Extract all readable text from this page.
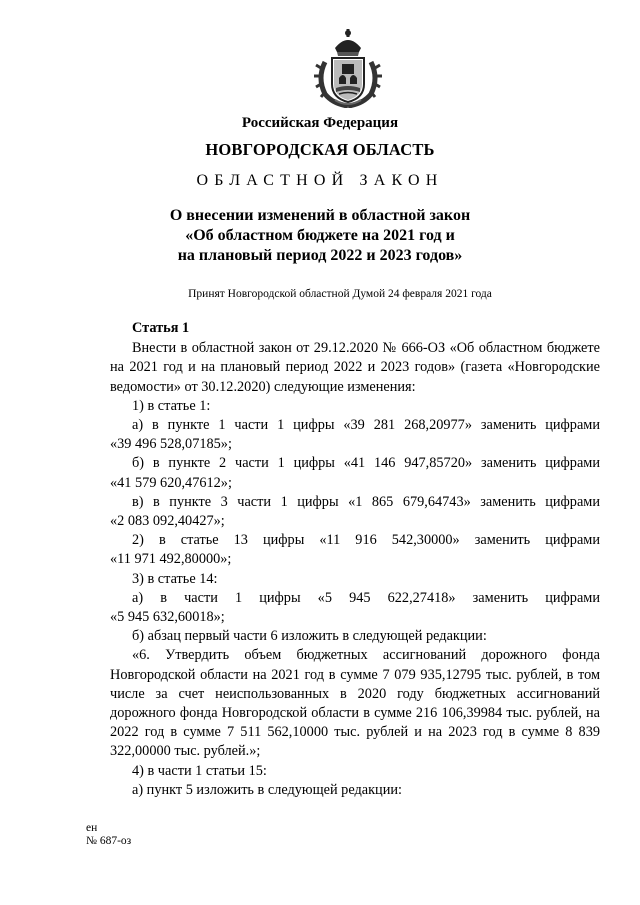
Российская Федерация
НОВГОРОДСКАЯ ОБЛАСТЬ
ОБЛАСТНОЙ ЗАКОН
О внесении изменений в областной закон
«Об областном бюджете на 2021 год и
на плановый период 2022 и 2023 годов»
Принят Новгородской областной Думой 24 февраля 2021 года

Статья 1

Внести в областной закон от 29.12.2020 № 666-ОЗ «Об областном бюджете на 2021 год и на плановый период 2022 и 2023 годов» (газета «Новгородские ведомости» от 30.12.2020) следующие изменения:

1) в статье 1:

а) в пункте 1 части 1 цифры «39 281 268,20977» заменить цифрами

«39 496 528,07185»;

б) в пункте 2 части 1 цифры «41 146 947,85720» заменить цифрами

«41 579 620,47612»;

в) в пункте 3 части 1 цифры «1 865 679,64743» заменить цифрами

«2 083 092,40427»;

2) в статье 13 цифры «11 916 542,30000» заменить цифрами

«11 971 492,80000»;

3) в статье 14:

а) в части 1 цифры «5 945 622,27418» заменить цифрами

«5 945 632,60018»;

б) абзац первый части 6 изложить в следующей редакции:

«6. Утвердить объем бюджетных ассигнований дорожного фонда Новгородской области на 2021 год в сумме 7 079 935,12795 тыс. рублей, в том числе за счет неиспользованных в 2020 году бюджетных ассигнований дорожного фонда Новгородской области в сумме 216 106,39984 тыс. рублей, на 2022 год в сумме 7 511 562,10000 тыс. рублей и на 2023 год в сумме 8 839 322,00000 тыс. рублей.»;

4) в части 1 статьи 15:

а) пункт 5 изложить в следующей редакции:

ен
№ 687-оз
